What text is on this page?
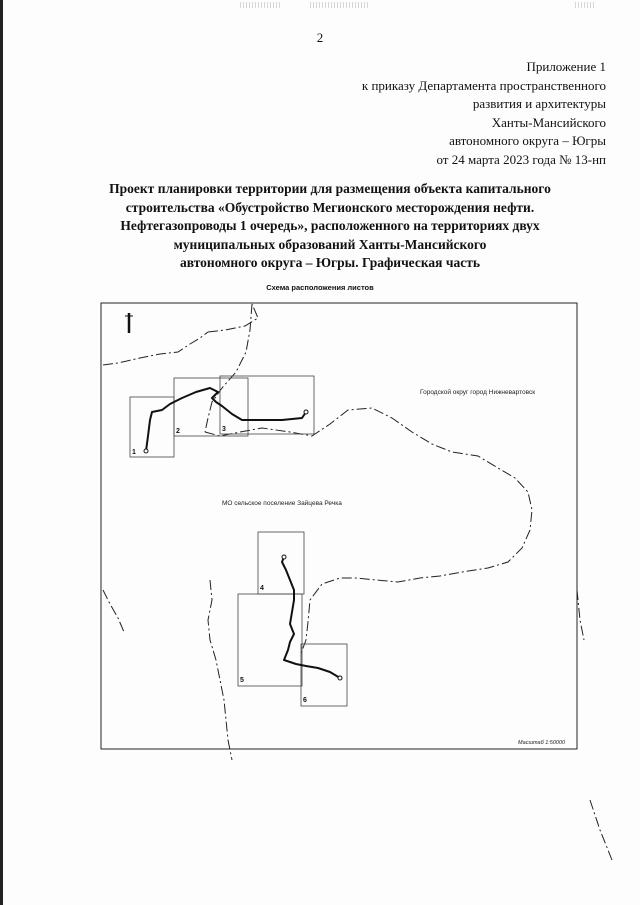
2
Приложение 1
к приказу Департамента пространственного
развития и архитектуры
Ханты-Мансийского
автономного округа – Югры
от 24 марта 2023 года № 13-нп
Проект планировки территории для размещения объекта капитального
строительства «Обустройство Мегионского месторождения нефти.
Нефтегазопроводы 1 очередь», расположенного на территориях двух
муниципальных образований Ханты-Мансийского
автономного округа – Югры. Графическая часть
Схема расположения листов
1
2	3
4
5
6
Городской округ город Нижневартовск
МО сельское поселение Зайцева Речка
Масштаб 1:50000
